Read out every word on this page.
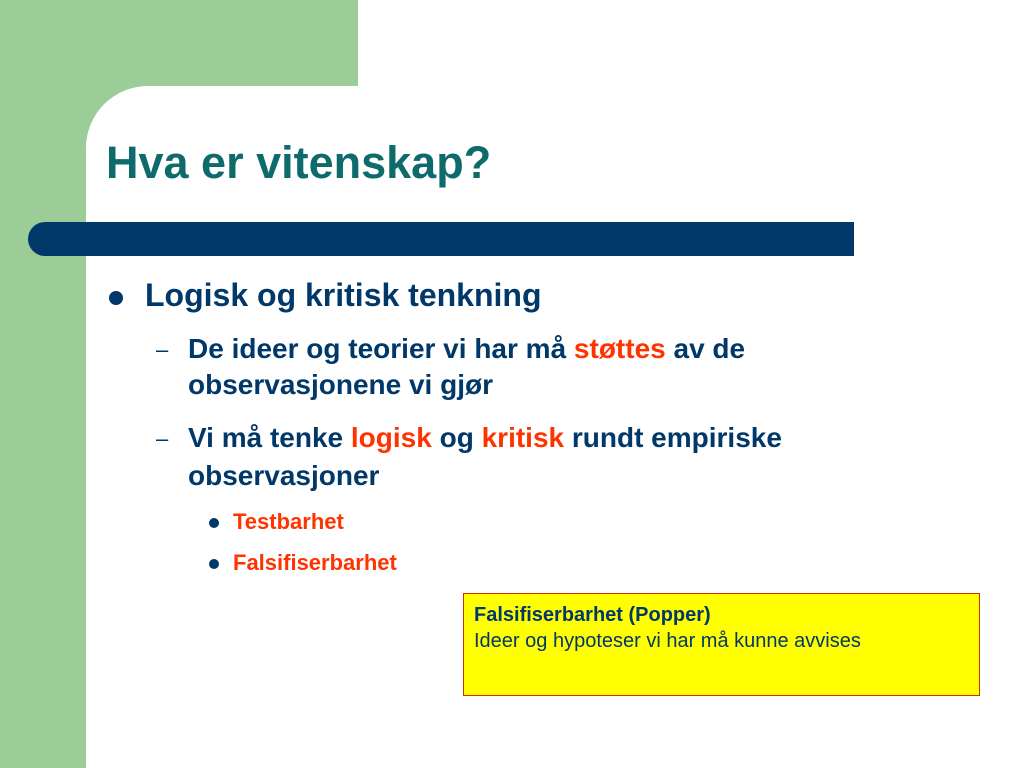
Hva er vitenskap?
Logisk og kritisk tenkning
– De ideer og teorier vi har må støttes av de
observasjonene vi gjør
– Vi må tenke logisk og kritisk rundt empiriske
observasjoner
Testbarhet
Falsifiserbarhet
Falsifiserbarhet (Popper)
Ideer og hypoteser vi har må kunne avvises
